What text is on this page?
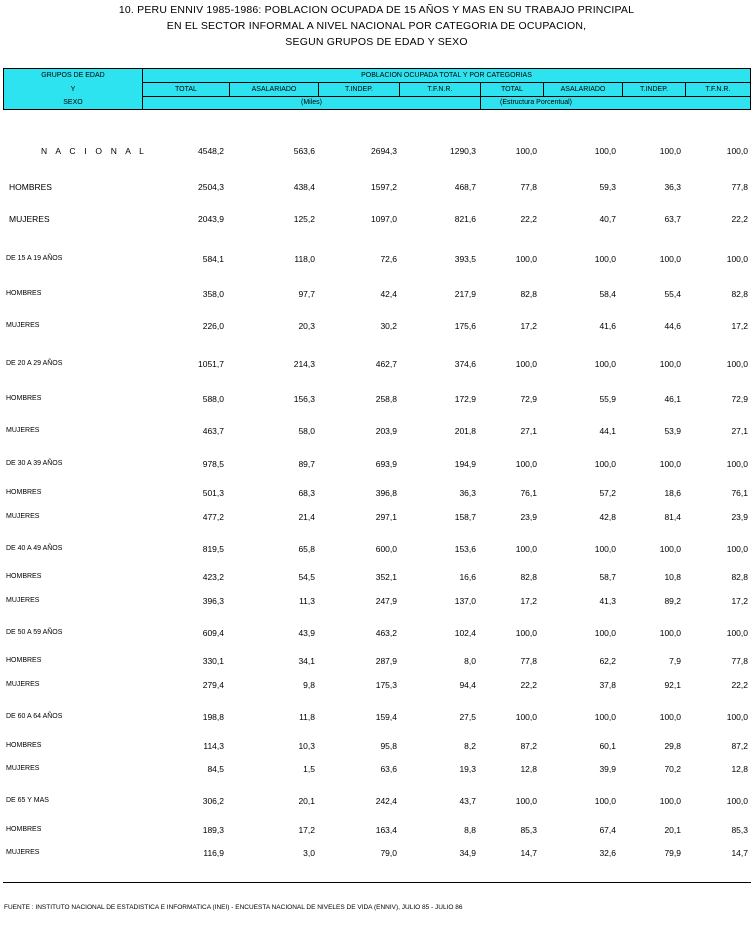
10. PERU ENNIV 1985-1986: POBLACION OCUPADA DE 15 AÑOS Y MAS EN SU TRABAJO PRINCIPAL
EN EL SECTOR INFORMAL A NIVEL NACIONAL POR CATEGORIA DE OCUPACION,
SEGUN GRUPOS DE EDAD Y SEXO
GRUPOS DE EDAD
Y
SEXO
POBLACION OCUPADA TOTAL Y POR CATEGORIAS
TOTAL	ASALARIADO	T.INDEP.	T.F.N.R.	TOTAL	ASALARIADO	T.INDEP.	T.F.N.R.
(Miles)	(Estructura Porcentual)
N A C I O N A L	4548,2	563,6	2694,3	1290,3	100,0	100,0	100,0	100,0
HOMBRES	2504,3	438,4	1597,2	468,7	77,8	59,3	36,3	77,8
MUJERES	2043,9	125,2	1097,0	821,6	22,2	40,7	63,7	22,2
DE 15 A 19 AÑOS	584,1	118,0	72,6	393,5	100,0	100,0	100,0	100,0
HOMBRES	358,0	97,7	42,4	217,9	82,8	58,4	55,4	82,8
MUJERES	226,0	20,3	30,2	175,6	17,2	41,6	44,6	17,2
DE 20 A 29 AÑOS	1051,7	214,3	462,7	374,6	100,0	100,0	100,0	100,0
HOMBRES	588,0	156,3	258,8	172,9	72,9	55,9	46,1	72,9
MUJERES	463,7	58,0	203,9	201,8	27,1	44,1	53,9	27,1
DE 30 A 39 AÑOS	978,5	89,7	693,9	194,9	100,0	100,0	100,0	100,0
HOMBRES	501,3	68,3	396,8	36,3	76,1	57,2	18,6	76,1
MUJERES	477,2	21,4	297,1	158,7	23,9	42,8	81,4	23,9
DE 40 A 49 AÑOS	819,5	65,8	600,0	153,6	100,0	100,0	100,0	100,0
HOMBRES	423,2	54,5	352,1	16,6	82,8	58,7	10,8	82,8
MUJERES	396,3	11,3	247,9	137,0	17,2	41,3	89,2	17,2
DE 50 A 59 AÑOS	609,4	43,9	463,2	102,4	100,0	100,0	100,0	100,0
HOMBRES	330,1	34,1	287,9	8,0	77,8	62,2	7,9	77,8
MUJERES	279,4	9,8	175,3	94,4	22,2	37,8	92,1	22,2
DE 60 A 64 AÑOS	198,8	11,8	159,4	27,5	100,0	100,0	100,0	100,0
HOMBRES	114,3	10,3	95,8	8,2	87,2	60,1	29,8	87,2
MUJERES	84,5	1,5	63,6	19,3	12,8	39,9	70,2	12,8
DE 65 Y MAS	306,2	20,1	242,4	43,7	100,0	100,0	100,0	100,0
HOMBRES	189,3	17,2	163,4	8,8	85,3	67,4	20,1	85,3
MUJERES	116,9	3,0	79,0	34,9	14,7	32,6	79,9	14,7
FUENTE : INSTITUTO NACIONAL DE ESTADISTICA E INFORMATICA (INEI) - ENCUESTA NACIONAL DE NIVELES DE VIDA (ENNIV), JULIO 85 - JULIO 86
